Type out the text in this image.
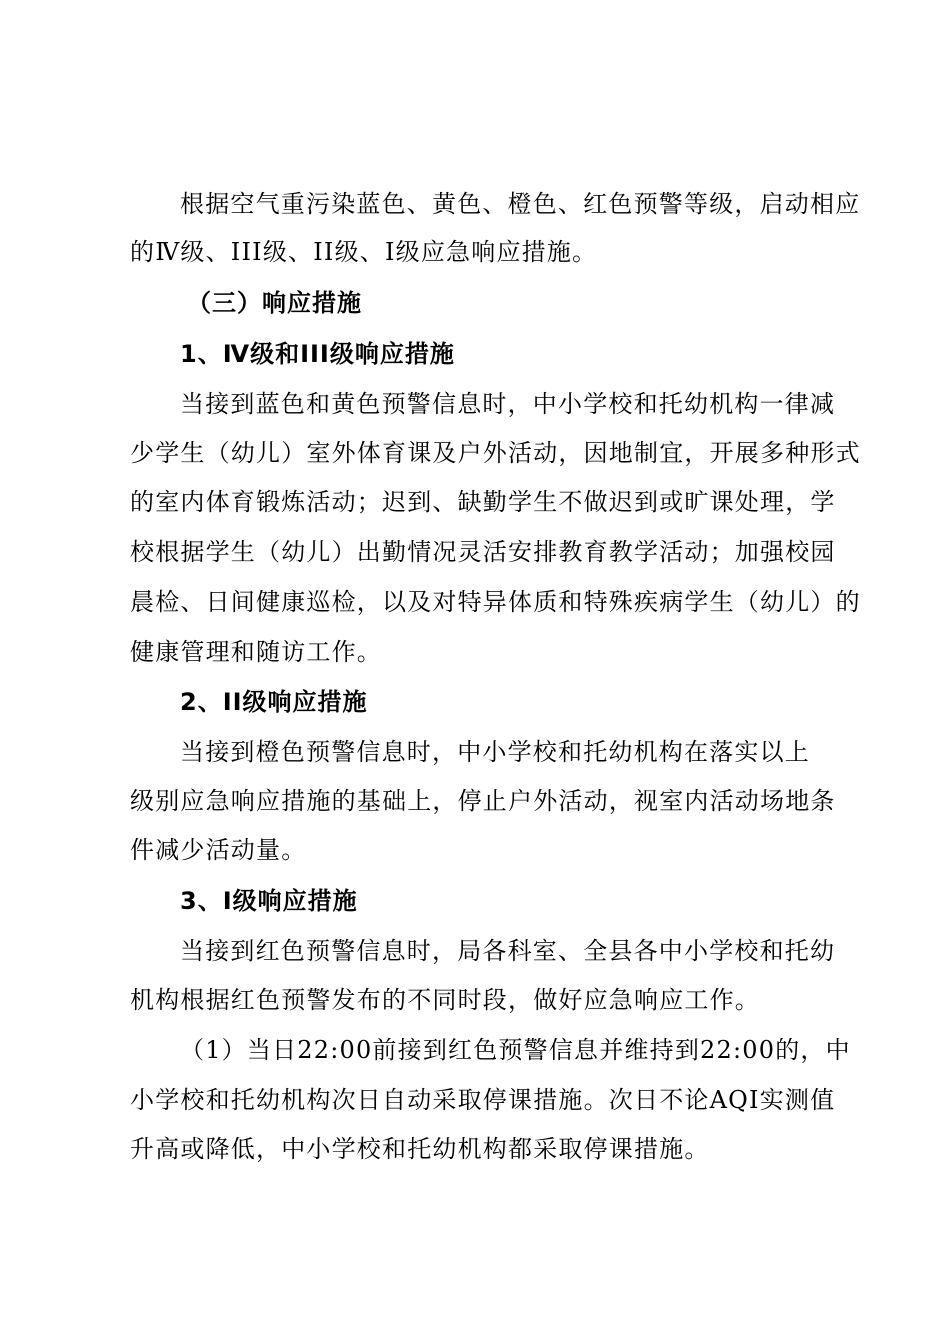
根据空气重污染蓝色、黄色、橙色、红色预警等级，启动相应
的Ⅳ级、III级、II级、I级应急响应措施。
（三）响应措施
1、Ⅳ级和III级响应措施
当接到蓝色和黄色预警信息时，中小学校和托幼机构一律减
少学生（幼儿）室外体育课及户外活动，因地制宜，开展多种形式
的室内体育锻炼活动；迟到、缺勤学生不做迟到或旷课处理，学
校根据学生（幼儿）出勤情况灵活安排教育教学活动；加强校园
晨检、日间健康巡检，以及对特异体质和特殊疾病学生（幼儿）的
健康管理和随访工作。
2、II级响应措施
当接到橙色预警信息时，中小学校和托幼机构在落实以上
级别应急响应措施的基础上，停止户外活动，视室内活动场地条
件减少活动量。
3、I级响应措施
当接到红色预警信息时，局各科室、全县各中小学校和托幼
机构根据红色预警发布的不同时段，做好应急响应工作。
（1）当日22:00前接到红色预警信息并维持到22:00的，中
小学校和托幼机构次日自动采取停课措施。次日不论AQI实测值
升高或降低，中小学校和托幼机构都采取停课措施。
